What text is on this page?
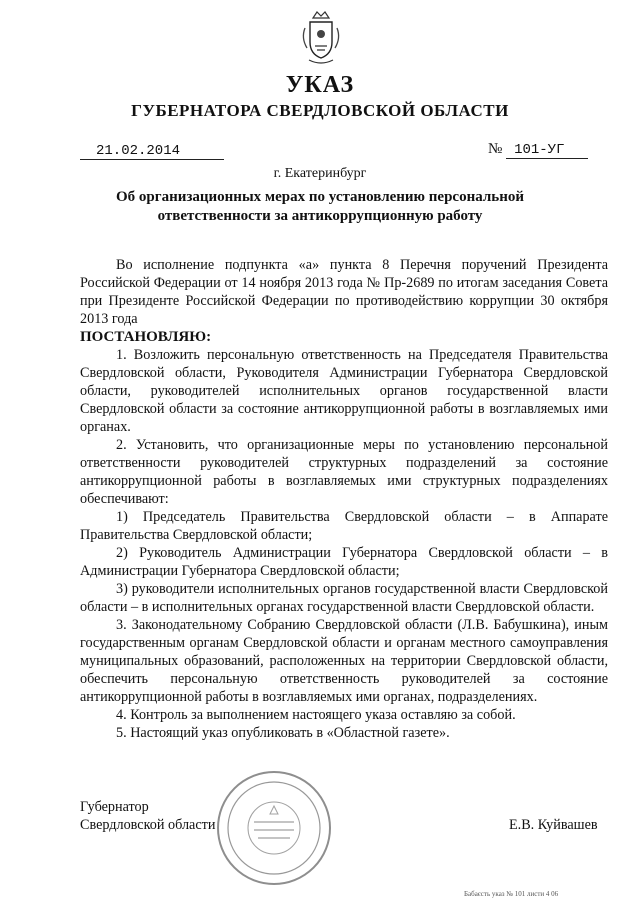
УКАЗ
ГУБЕРНАТОРА СВЕРДЛОВСКОЙ ОБЛАСТИ
21.02.2014	№ 101-УГ
г. Екатеринбург
Об организационных мерах по установлению персональной
ответственности за антикоррупционную работу

Во исполнение подпункта «а» пункта 8 Перечня поручений Президента Российской Федерации от 14 ноября 2013 года № Пр-2689 по итогам заседания Совета при Президенте Российской Федерации по противодействию коррупции 30 октября 2013 года

ПОСТАНОВЛЯЮ:

1. Возложить персональную ответственность на Председателя Правительства Свердловской области, Руководителя Администрации Губернатора Свердловской области, руководителей исполнительных органов государственной власти Свердловской области за состояние антикоррупционной работы в возглавляемых ими органах.

2. Установить, что организационные меры по установлению персональной ответственности руководителей структурных подразделений за состояние антикоррупционной работы в возглавляемых ими структурных подразделениях обеспечивают:

1) Председатель Правительства Свердловской области – в Аппарате Правительства Свердловской области;

2) Руководитель Администрации Губернатора Свердловской области – в Администрации Губернатора Свердловской области;

3) руководители исполнительных органов государственной власти Свердловской области – в исполнительных органах государственной власти Свердловской области.

3. Законодательному Собранию Свердловской области (Л.В. Бабушкина), иным государственным органам Свердловской области и органам местного самоуправления муниципальных образований, расположенных на территории Свердловской области, обеспечить персональную ответственность руководителей за состояние антикоррупционной работы в возглавляемых ими органах, подразделениях.

4. Контроль за выполнением настоящего указа оставляю за собой.

5. Настоящий указ опубликовать в «Областной газете».

Губернатор
Свердловской области	Е.В. Куйвашев
Бабаєсть указ № 101 листи 4 06
